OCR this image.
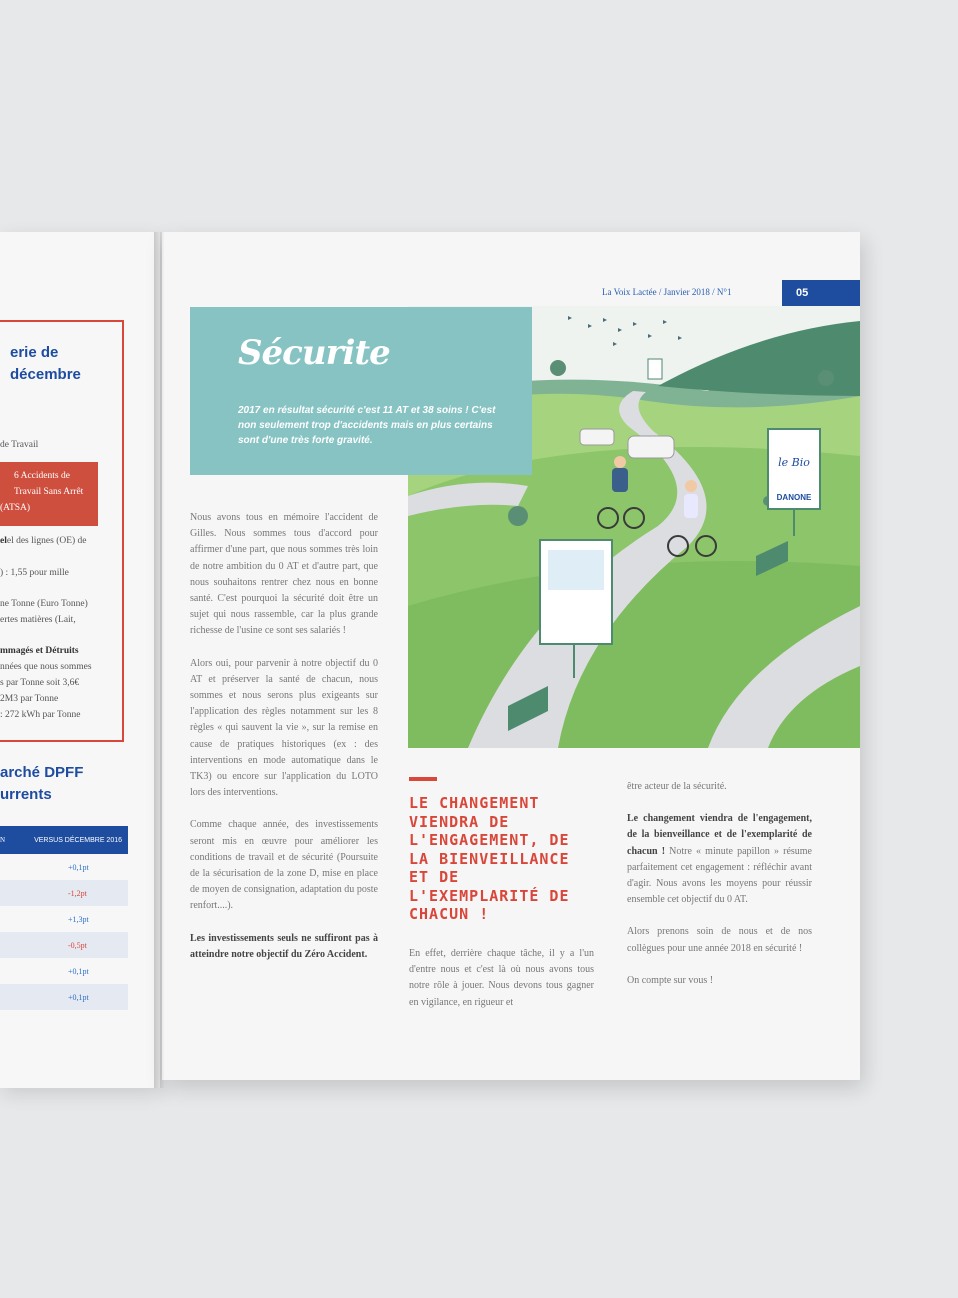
erie de
décembre
de Travail
6 Accidents de
Travail Sans Arrêt
(ATSA)
elel des lignes (OE) de
) : 1,55 pour mille
ne Tonne (Euro Tonne)
ertes matières (Lait,
mmagés et Détruits
nnées que nous sommes
s par Tonne soit 3,6€
2M3 par Tonne
: 272 kWh par Tonne
arché DPFF
urrents
N	VERSUS DÉCEMBRE 2016
+0,1pt
-1,2pt
+1,3pt
-0,5pt
+0,1pt
+0,1pt
La Voix Lactée / Janvier 2018 / N°1	05
le Bio
DANONE
Sécurite
2017 en résultat sécurité c'est 11 AT et 38 soins ! C'est non seulement trop d'accidents mais en plus certains sont d'une très forte gravité.

Nous avons tous en mémoire l'accident de Gilles. Nous sommes tous d'accord pour affirmer d'une part, que nous sommes très loin de notre ambition du 0 AT et d'autre part, que nous souhaitons rentrer chez nous en bonne santé. C'est pourquoi la sécurité doit être un sujet qui nous rassemble, car la plus grande richesse de l'usine ce sont ses salariés !

Alors oui, pour parvenir à notre objectif du 0 AT et préserver la santé de chacun, nous sommes et nous serons plus exigeants sur l'application des règles notamment sur les 8 règles « qui sauvent la vie », sur la remise en cause de pratiques historiques (ex : des interventions en mode automatique dans le TK3) ou encore sur l'application du LOTO lors des interventions.

Comme chaque année, des investissements seront mis en œuvre pour améliorer les conditions de travail et de sécurité (Poursuite de la sécurisation de la zone D, mise en place de moyen de consignation, adaptation du poste renfort....).

Les investissements seuls ne suffiront pas à atteindre notre objectif du Zéro Accident.

LE CHANGEMENT VIENDRA DE L'ENGAGEMENT, DE LA BIENVEILLANCE ET DE L'EXEMPLARITÉ DE CHACUN !

En effet, derrière chaque tâche, il y a l'un d'entre nous et c'est là où nous avons tous notre rôle à jouer. Nous devons tous gagner en vigilance, en rigueur et

être acteur de la sécurité.

Le changement viendra de l'engagement, de la bienveillance et de l'exemplarité de chacun ! Notre « minute papillon » résume parfaitement cet engagement : réfléchir avant d'agir. Nous avons les moyens pour réussir ensemble cet objectif du 0 AT.

Alors prenons soin de nous et de nos collègues pour une année 2018 en sécurité !

On compte sur vous !
